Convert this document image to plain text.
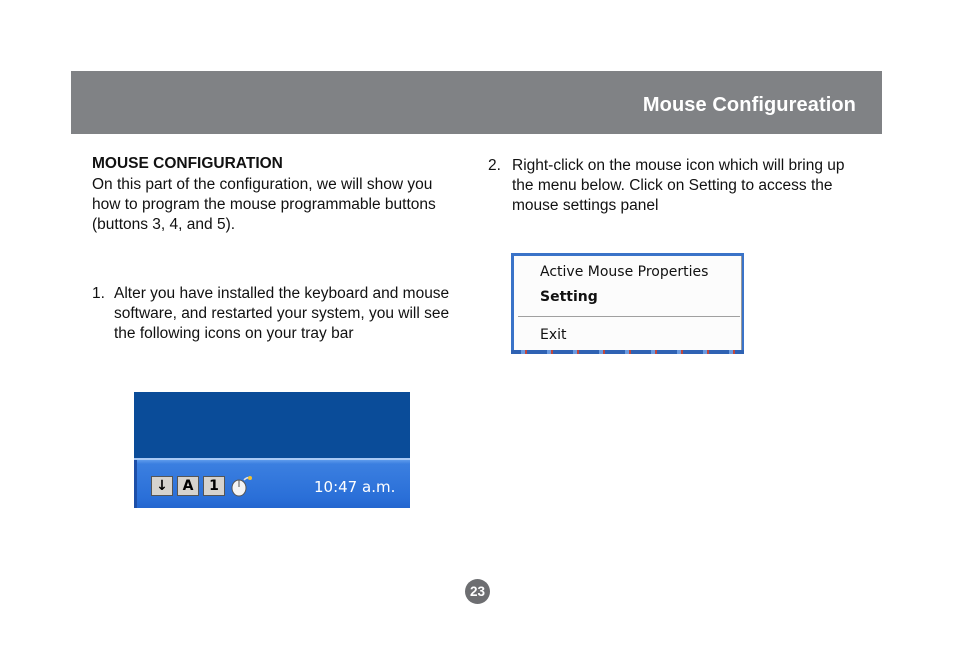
Mouse Configureation
MOUSE CONFIGURATION
On this part of the configuration, we will show you how to program the mouse programmable buttons (buttons 3, 4, and 5).
1. Alter you have installed the keyboard and mouse software, and restarted your system, you will see the following icons on your tray bar
2. Right-click on the mouse icon which will bring up the menu below. Click on Setting to access the mouse settings panel
↓	A	1	10:47 a.m.
Active Mouse Properties
Setting
Exit
23
